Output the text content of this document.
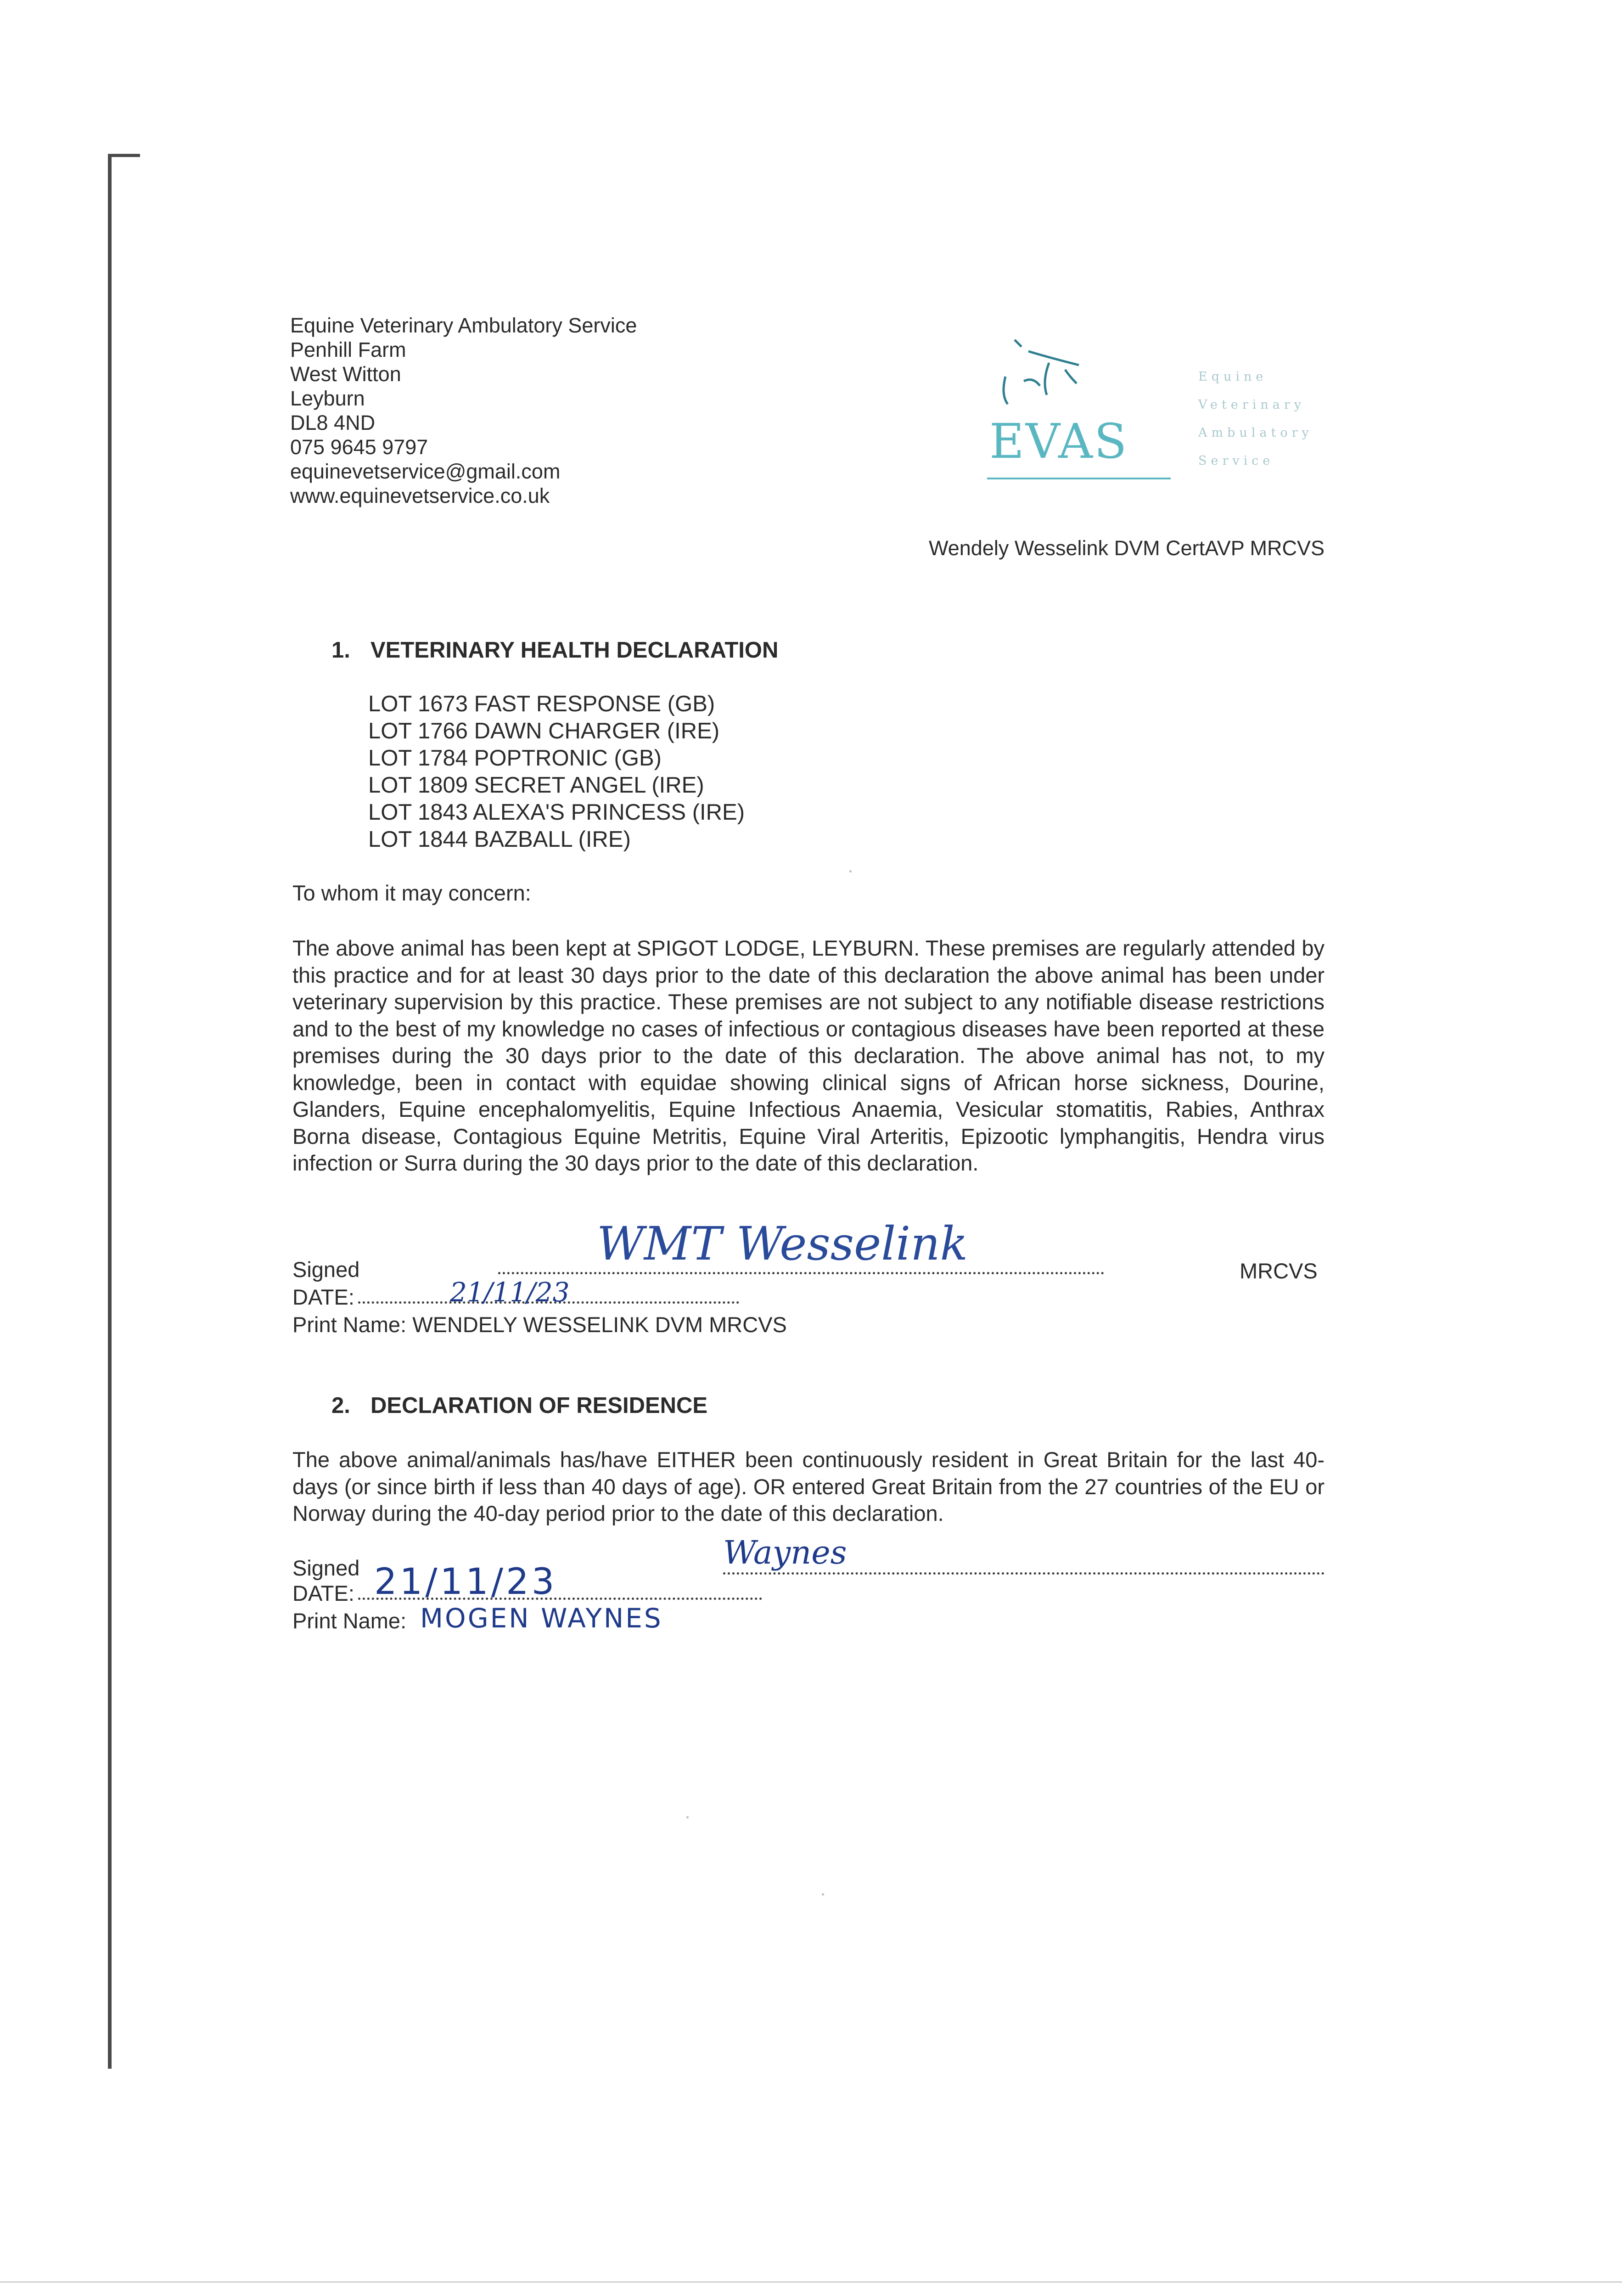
Equine Veterinary Ambulatory Service
Penhill Farm
West Witton
Leyburn
DL8 4ND
075 9645 9797
equinevetservice@gmail.com
www.equinevetservice.co.uk
EVAS
Equine
Veterinary
Ambulatory
Service
Wendely Wesselink DVM CertAVP MRCVS
1. VETERINARY HEALTH DECLARATION
LOT 1673 FAST RESPONSE (GB)
LOT 1766 DAWN CHARGER (IRE)
LOT 1784 POPTRONIC (GB)
LOT 1809 SECRET ANGEL (IRE)
LOT 1843 ALEXA'S PRINCESS (IRE)
LOT 1844 BAZBALL (IRE)
To whom it may concern:

The above animal has been kept at SPIGOT LODGE, LEYBURN. These premises are regularly attended by this practice and for at least 30 days prior to the date of this declaration the above animal has been under veterinary supervision by this practice. These premises are not subject to any notifiable disease restrictions and to the best of my knowledge no cases of infectious or contagious diseases have been reported at these premises during the 30 days prior to the date of this declaration. The above animal has not, to my knowledge, been in contact with equidae showing clinical signs of African horse sickness, Dourine, Glanders, Equine encephalomyelitis, Equine Infectious Anaemia, Vesicular stomatitis, Rabies, Anthrax Borna disease, Contagious Equine Metritis, Equine Viral Arteritis, Epizootic lymphangitis, Hendra virus infection or Surra during the 30 days prior to the date of this declaration.

Signed	WMT Wesselink
MRCVS
DATE:	21/11/23
Print Name: WENDELY WESSELINK DVM MRCVS
2. DECLARATION OF RESIDENCE

The above animal/animals has/have EITHER been continuously resident in Great Britain for the last 40-days (or since birth if less than 40 days of age). OR entered Great Britain from the 27 countries of the EU or Norway during the 40-day period prior to the date of this declaration.

Signed	Waynes
DATE: 21/11/23
Print Name: MOGEN WAYNES
